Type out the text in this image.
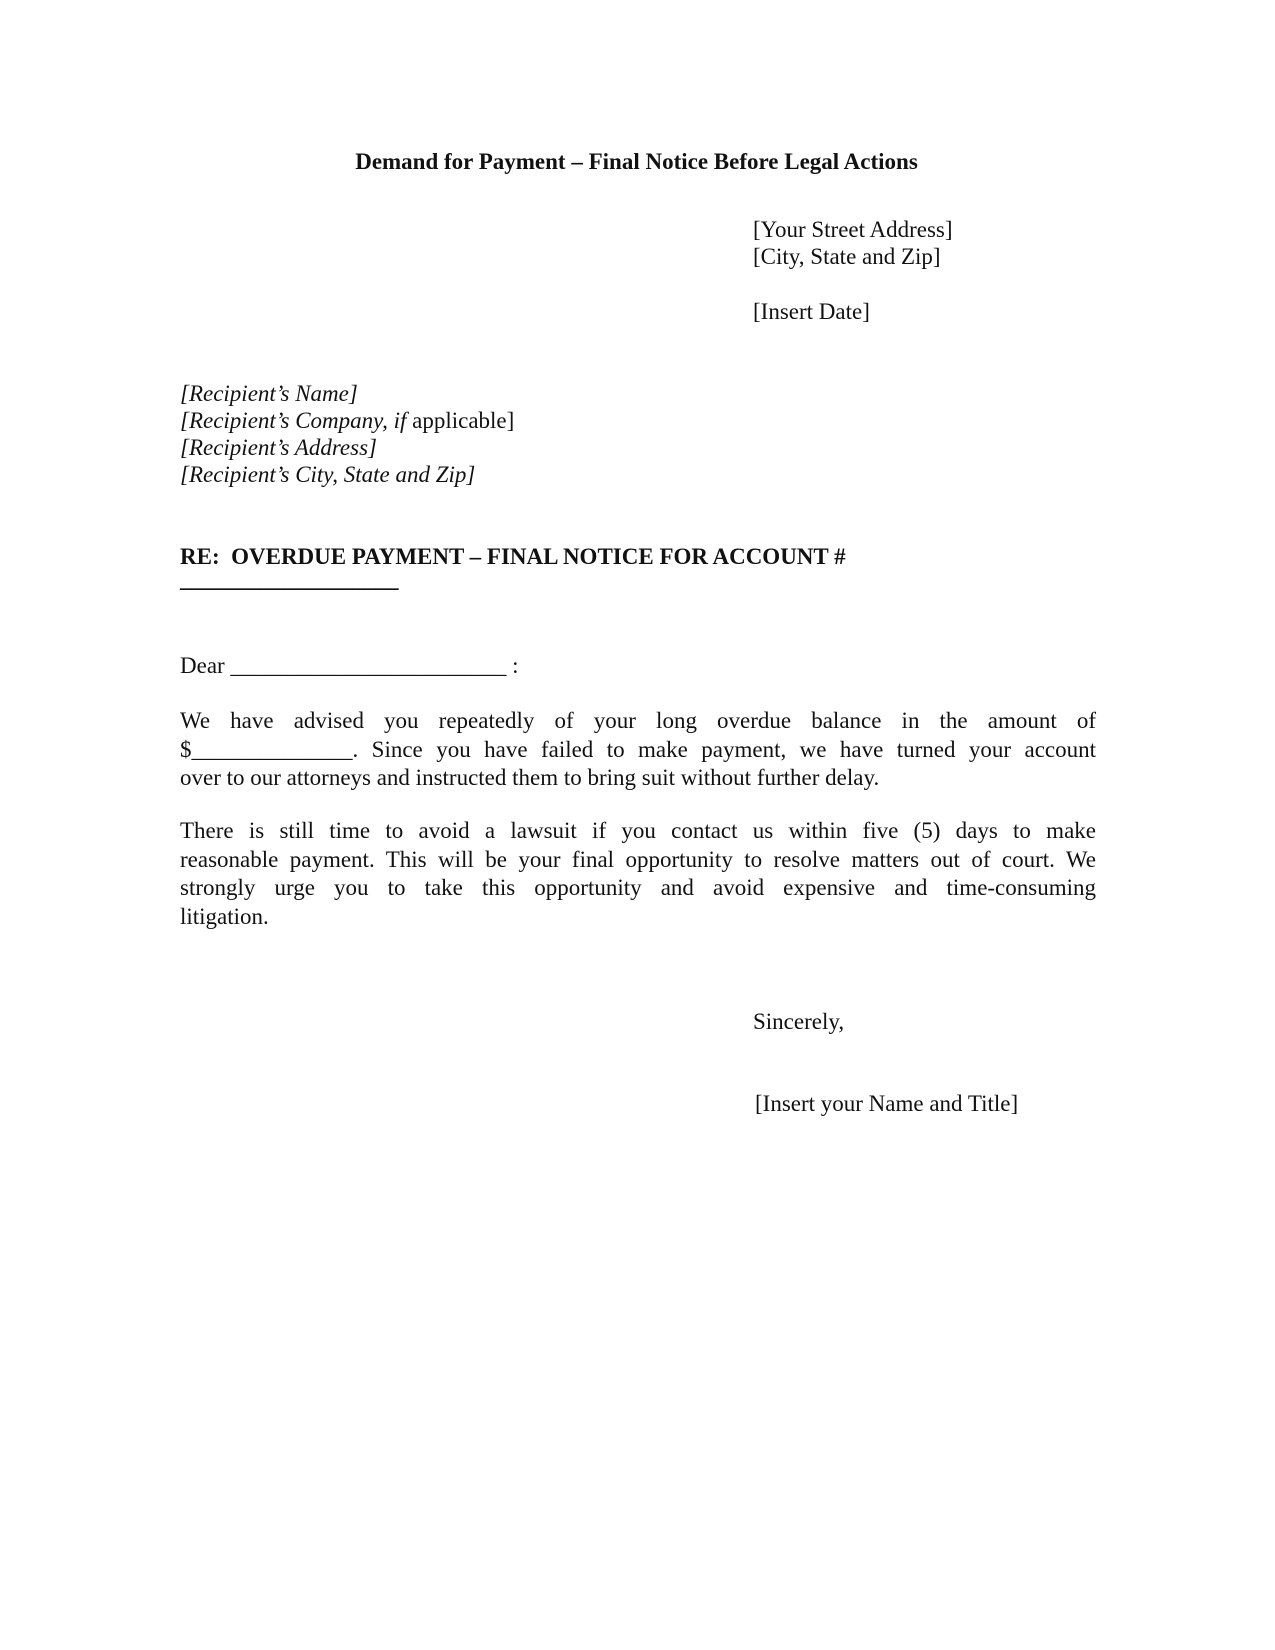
Demand for Payment – Final Notice Before Legal Actions
[Your Street Address]
[City, State and Zip]
[Insert Date]
[Recipient’s Name]
[Recipient’s Company, if applicable]
[Recipient’s Address]
[Recipient’s City, State and Zip]
RE:  OVERDUE PAYMENT – FINAL NOTICE FOR ACCOUNT #
___________________
Dear ________________________ :
We have advised you repeatedly of your long overdue balance in the amount of
$______________. Since you have failed to make payment, we have turned your account
over to our attorneys and instructed them to bring suit without further delay.
There is still time to avoid a lawsuit if you contact us within five (5) days to make
reasonable payment. This will be your final opportunity to resolve matters out of court. We
strongly urge you to take this opportunity and avoid expensive and time-consuming
litigation.
Sincerely,
[Insert your Name and Title]
